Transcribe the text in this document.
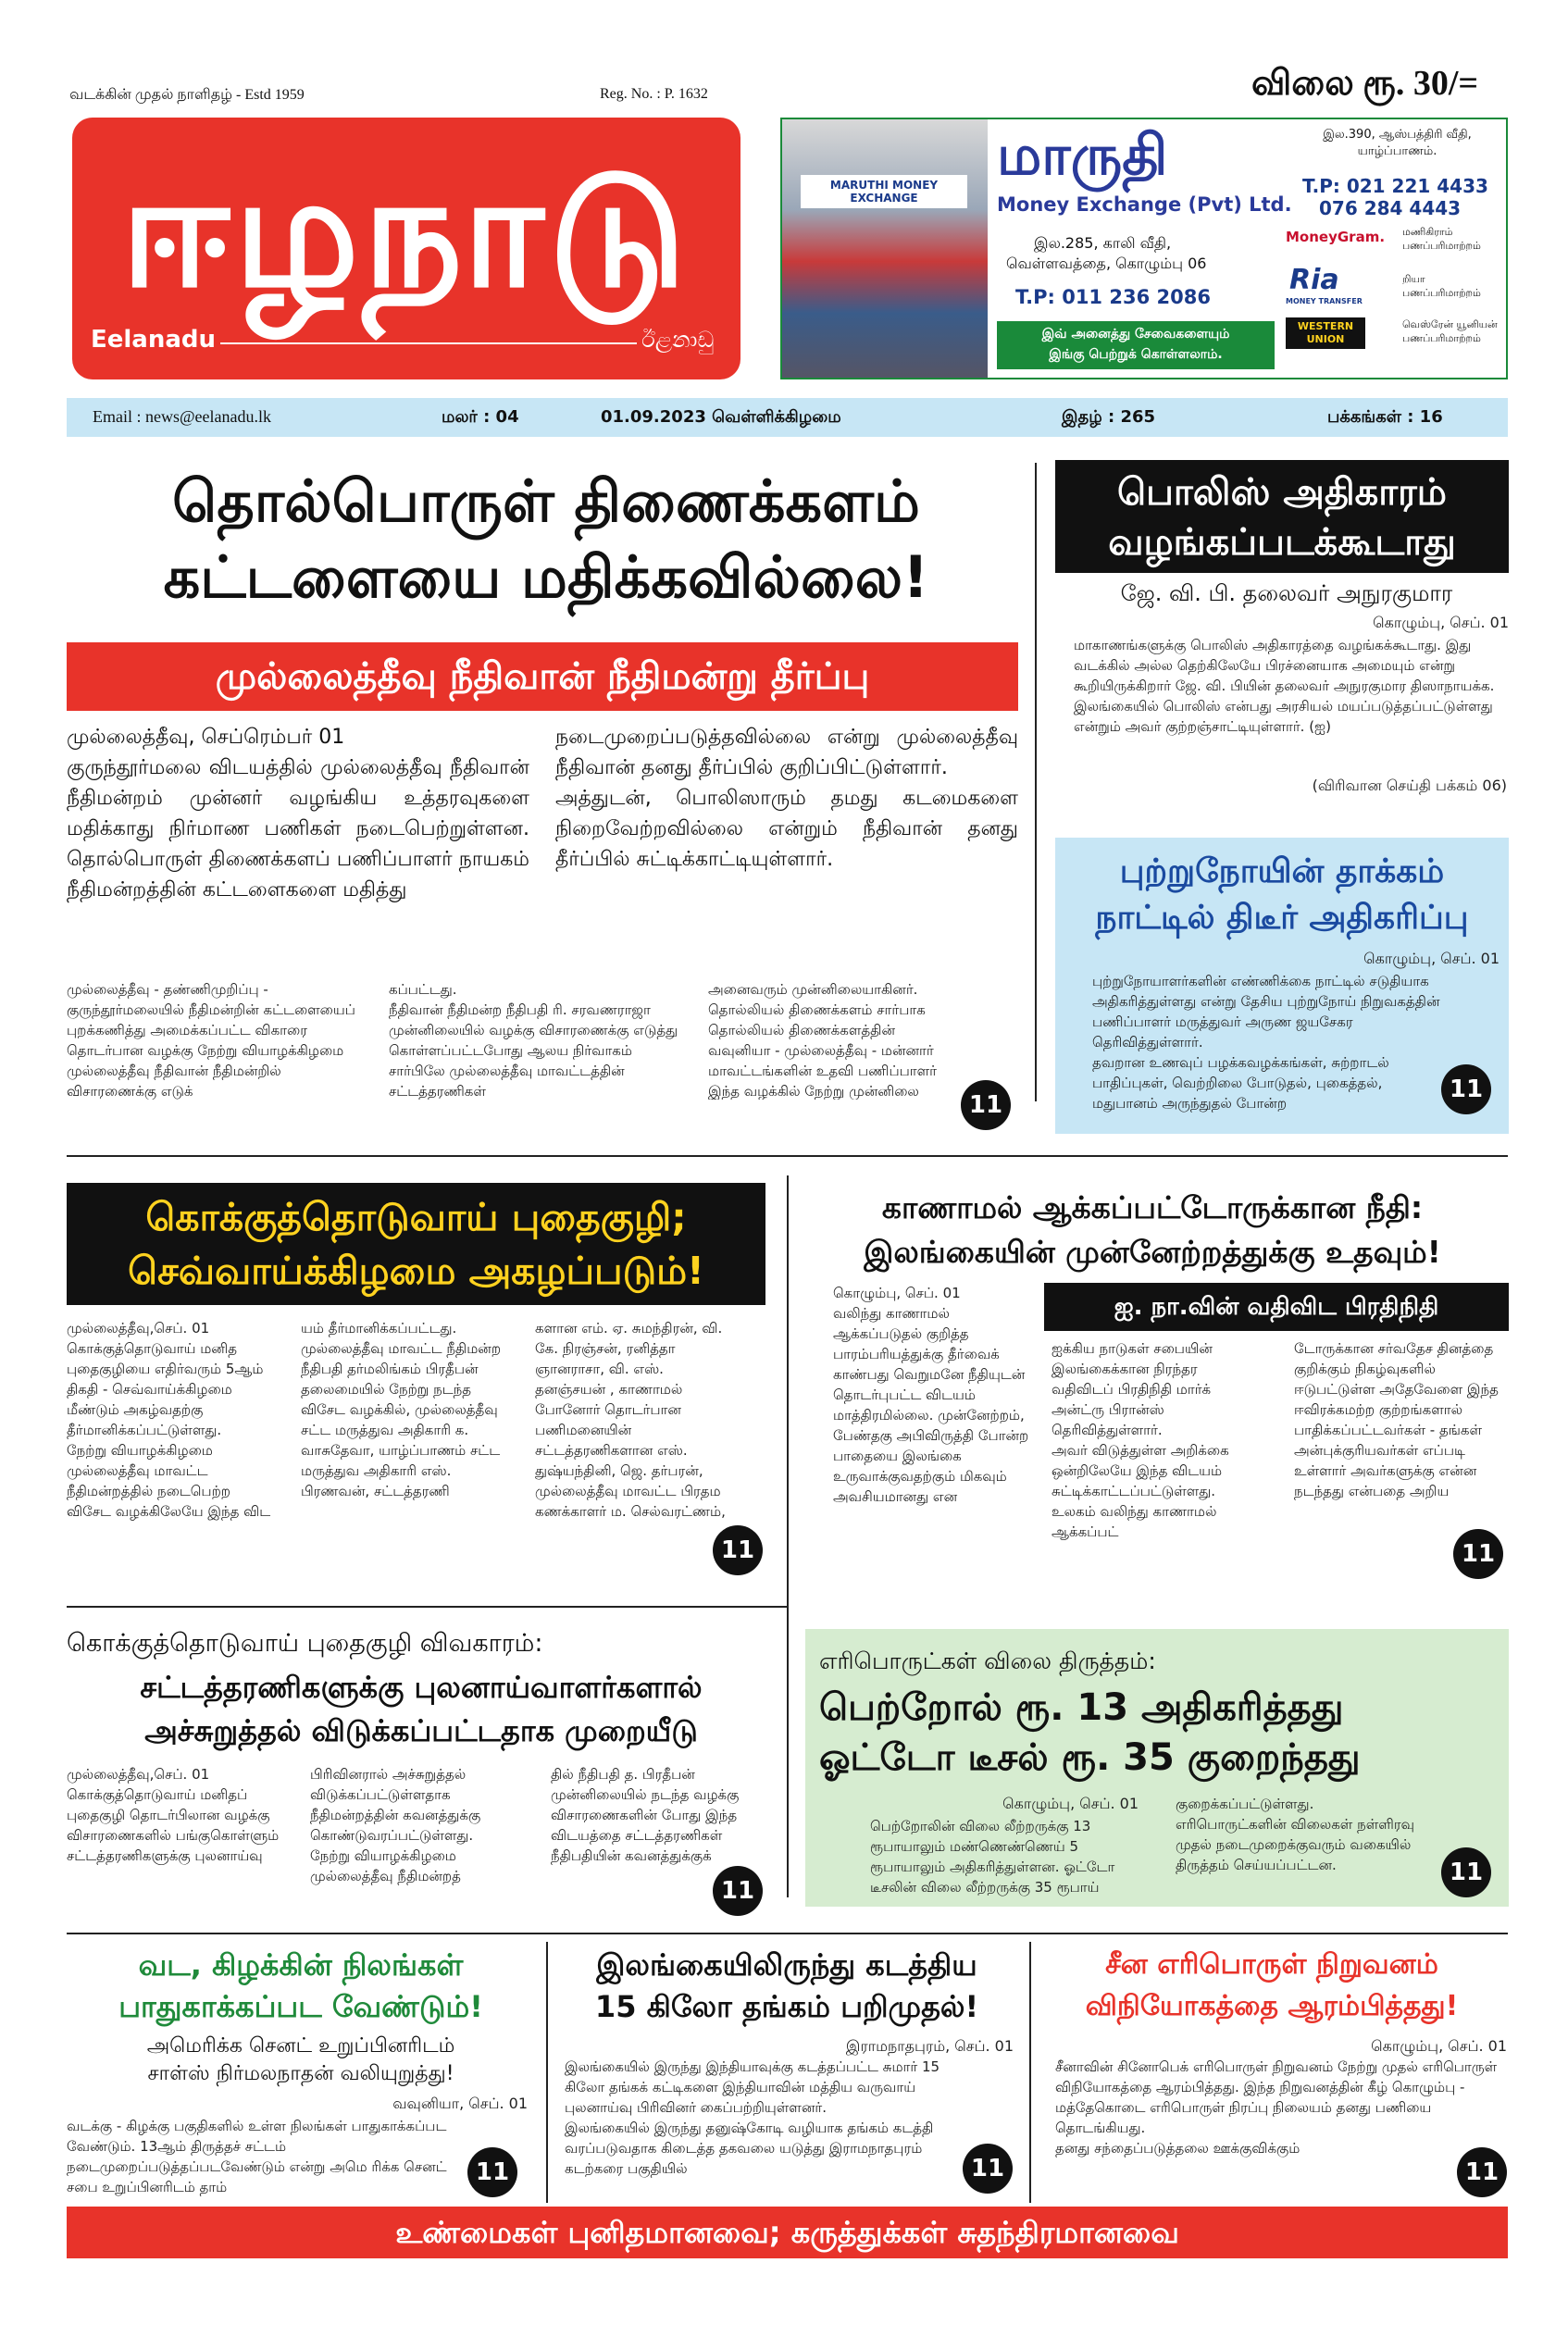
வடக்கின் முதல் நாளிதழ் - Estd 1959	Reg. No. : P. 1632	விலை ரூ. 30/=
ஈழநாடு
Eelanadu	ඊළනාඩු
MARUTHI MONEY EXCHANGE
மாருதி
Money Exchange (Pvt) Ltd.
இல.390, ஆஸ்பத்திரி வீதி, யாழ்ப்பாணம்.
T.P: 021 221 4433
076 284 4443
இல.285, காலி வீதி,
வெள்ளவத்தை, கொழும்பு 06
T.P: 011 236 2086
இவ் அனைத்து சேவைகளையும்
இங்கு பெற்றுக் கொள்ளலாம்.
MoneyGram. மணிகிராம் பணப்பரிமாற்றம்
Ria
MONEY TRANSFER
றியா பணப்பரிமாற்றம்
WESTERN UNION
வெஸ்ரேன் யூனியன் பணப்பரிமாற்றம்
Email : news@eelanadu.lk	மலர் : 04	01.09.2023 வெள்ளிக்கிழமை	இதழ் : 265	பக்கங்கள் : 16
தொல்பொருள் திணைக்களம்
கட்டளையை மதிக்கவில்லை!
முல்லைத்தீவு நீதிவான் நீதிமன்று தீர்ப்பு
முல்லைத்தீவு, செப்ரெம்பர் 01
குருந்தூர்மலை விடயத்தில் முல்லைத்தீவு நீதிவான் நீதிமன்றம் முன்னர் வழங்கிய உத்தரவுகளை மதிக்காது நிர்மாண பணிகள் நடைபெற்றுள்ளன. தொல்பொருள் திணைக்களப் பணிப்பாளர் நாயகம் நீதிமன்றத்தின் கட்டளைகளை மதித்து
நடைமுறைப்படுத்தவில்லை என்று முல்லைத்தீவு நீதிவான் தனது தீர்ப்பில் குறிப்பிட்டுள்ளார்.
அத்துடன், பொலிஸாரும் தமது கடமைகளை நிறைவேற்றவில்லை என்றும் நீதிவான் தனது தீர்ப்பில் சுட்டிக்காட்டியுள்ளார்.
முல்லைத்தீவு - தண்ணிமுறிப்பு - குருந்தூர்மலையில் நீதிமன்றின் கட்டளையைப் புறக்கணித்து அமைக்கப்பட்ட விகாரை தொடர்பான வழக்கு நேற்று வியாழக்கிழமை முல்லைத்தீவு நீதிவான் நீதிமன்றில் விசாரணைக்கு எடுக்
கப்பட்டது.
நீதிவான் நீதிமன்ற நீதிபதி ரி. சரவணராஜா முன்னிலையில் வழக்கு விசாரணைக்கு எடுத்து கொள்ளப்பட்டபோது ஆலய நிர்வாகம் சார்பிலே முல்லைத்தீவு மாவட்டத்தின் சட்டத்தரணிகள்
அனைவரும் முன்னிலையாகினர்.
தொல்லியல் திணைக்களம் சார்பாக தொல்லியல் திணைக்களத்தின் வவுனியா - முல்லைத்தீவு - மன்னார் மாவட்டங்களின் உதவி பணிப்பாளர் இந்த வழக்கில் நேற்று முன்னிலை	11
பொலிஸ் அதிகாரம்
வழங்கப்படக்கூடாது
ஜே. வி. பி. தலைவர் அநுரகுமார
கொழும்பு, செப். 01
மாகாணங்களுக்கு பொலிஸ் அதிகாரத்தை வழங்கக்கூடாது. இது வடக்கில் அல்ல தெற்கிலேயே பிரச்னையாக அமையும் என்று கூறியிருக்கிறார் ஜே. வி. பியின் தலைவர் அநுரகுமார திஸாநாயக்க.
இலங்கையில் பொலிஸ் என்பது அரசியல் மயப்படுத்தப்பட்டுள்ளது என்றும் அவர் குற்றஞ்சாட்டியுள்ளார். (ஐ)
(விரிவான செய்தி பக்கம் 06)
புற்றுநோயின் தாக்கம்
நாட்டில் திடீர் அதிகரிப்பு
கொழும்பு, செப். 01
புற்றுநோயாளர்களின் எண்ணிக்கை நாட்டில் சடுதியாக அதிகரித்துள்ளது என்று தேசிய புற்றுநோய் நிறுவகத்தின் பணிப்பாளர் மருத்துவர் அருண ஜயசேகர தெரிவித்துள்ளார்.
தவறான உணவுப் பழக்கவழக்கங்கள், சுற்றாடல் பாதிப்புகள், வெற்றிலை போடுதல், புகைத்தல், மதுபானம் அருந்துதல் போன்ற	11
கொக்குத்தொடுவாய் புதைகுழி;
செவ்வாய்க்கிழமை அகழப்படும்!
முல்லைத்தீவு,செப். 01
கொக்குத்தொடுவாய் மனித புதைகுழியை எதிர்வரும் 5ஆம் திகதி - செவ்வாய்க்கிழமை மீண்டும் அகழ்வதற்கு தீர்மானிக்கப்பட்டுள்ளது.
நேற்று வியாழக்கிழமை முல்லைத்தீவு மாவட்ட நீதிமன்றத்தில் நடைபெற்ற விசேட வழக்கிலேயே இந்த விட
யம் தீர்மானிக்கப்பட்டது.
முல்லைத்தீவு மாவட்ட நீதிமன்ற நீதிபதி தர்மலிங்கம் பிரதீபன் தலைமையில் நேற்று நடந்த விசேட வழக்கில், முல்லைத்தீவு சட்ட மருத்துவ அதிகாரி க. வாசுதேவா, யாழ்ப்பாணம் சட்ட மருத்துவ அதிகாரி எஸ். பிரணவன், சட்டத்தரணி
களான எம். ஏ. சுமந்திரன், வி. கே. நிரஞ்சன், ரனித்தா ஞானராசா, வி. எஸ். தனஞ்சயன் , காணாமல் போனோர் தொடர்பான பணிமனையின் சட்டத்தரணிகளான எஸ். துஷ்யந்தினி, ஜெ. தர்பரன், முல்லைத்தீவு மாவட்ட பிரதம கணக்காளர் ம. செல்வரட்ணம்,
11
காணாமல் ஆக்கப்பட்டோருக்கான நீதி:
இலங்கையின் முன்னேற்றத்துக்கு உதவும்!
கொழும்பு, செப். 01
வலிந்து காணாமல் ஆக்கப்படுதல் குறித்த பாரம்பரியத்துக்கு தீர்வைக் காண்பது வெறுமனே நீதியுடன் தொடர்புபட்ட விடயம் மாத்திரமில்லை. முன்னேற்றம், பேண்தகு அபிவிருத்தி போன்ற பாதையை இலங்கை உருவாக்குவதற்கும் மிகவும் அவசியமானது என
ஐ. நா.வின் வதிவிட பிரதிநிதி
ஐக்கிய நாடுகள் சபையின் இலங்கைக்கான நிரந்தர வதிவிடப் பிரதிநிதி மார்க் அன்ட்ரு பிரான்ஸ் தெரிவித்துள்ளார்.
அவர் விடுத்துள்ள அறிக்கை ஒன்றிலேயே இந்த விடயம் சுட்டிக்காட்டப்பட்டுள்ளது.
உலகம் வலிந்து காணாமல் ஆக்கப்பட்
டோருக்கான சர்வதேச தினத்தை குறிக்கும் நிகழ்வுகளில் ஈடுபட்டுள்ள அதேவேளை இந்த ஈவிரக்கமற்ற குற்றங்களால் பாதிக்கப்பட்டவர்கள் - தங்கள் அன்புக்குரியவர்கள் எப்படி உள்ளார் அவர்களுக்கு என்ன நடந்தது என்பதை அறிய
11
கொக்குத்தொடுவாய் புதைகுழி விவகாரம்:
சட்டத்தரணிகளுக்கு புலனாய்வாளர்களால்
அச்சுறுத்தல் விடுக்கப்பட்டதாக முறையீடு
முல்லைத்தீவு,செப். 01
கொக்குத்தொடுவாய் மனிதப் புதைகுழி தொடர்பிலான வழக்கு விசாரணைகளில் பங்குகொள்ளும் சட்டத்தரணிகளுக்கு புலனாய்வு
பிரிவினரால் அச்சுறுத்தல் விடுக்கப்பட்டுள்ளதாக நீதிமன்றத்தின் கவனத்துக்கு கொண்டுவரப்பட்டுள்ளது.
நேற்று வியாழக்கிழமை முல்லைத்தீவு நீதிமன்றத்
தில் நீதிபதி த. பிரதீபன் முன்னிலையில் நடந்த வழக்கு விசாரணைகளின் போது இந்த விடயத்தை சட்டத்தரணிகள் நீதிபதியின் கவனத்துக்குக்
11
எரிபொருட்கள் விலை திருத்தம்:
பெற்றோல் ரூ. 13 அதிகரித்தது
ஓட்டோ டீசல் ரூ. 35 குறைந்தது
கொழும்பு, செப். 01
பெற்றோலின் விலை லீற்றருக்கு 13 ரூபாயாலும் மண்ணெண்ணெய் 5 ரூபாயாலும் அதிகரித்துள்ளன. ஓட்டோ டீசலின் விலை லீற்றருக்கு 35 ரூபாய்
குறைக்கப்பட்டுள்ளது.
எரிபொருட்களின் விலைகள் நள்ளிரவு முதல் நடைமுறைக்குவரும் வகையில் திருத்தம் செய்யப்பட்டன.	11
வட, கிழக்கின் நிலங்கள்
பாதுகாக்கப்பட வேண்டும்!
அமெரிக்க செனட் உறுப்பினரிடம்
சாள்ஸ் நிர்மலநாதன் வலியுறுத்து!
வவுனியா, செப். 01
வடக்கு - கிழக்கு பகுதிகளில் உள்ள நிலங்கள் பாதுகாக்கப்பட வேண்டும். 13ஆம் திருத்தச் சட்டம் நடைமுறைப்படுத்தப்படவேண்டும் என்று அமெ ரிக்க செனட் சபை உறுப்பினரிடம் தாம்
11
இலங்கையிலிருந்து கடத்திய
15 கிலோ தங்கம் பறிமுதல்!
இராமநாதபுரம், செப். 01
இலங்கையில் இருந்து இந்தியாவுக்கு கடத்தப்பட்ட சுமார் 15 கிலோ தங்கக் கட்டிகளை இந்தியாவின் மத்திய வருவாய் புலனாய்வு பிரிவினர் கைப்பற்றியுள்ளனர்.
இலங்கையில் இருந்து தனுஷ்கோடி வழியாக தங்கம் கடத்தி வரப்படுவதாக கிடைத்த தகவலை யடுத்து இராமநாதபுரம் கடற்கரை பகுதியில்	11
சீன எரிபொருள் நிறுவனம்
விநியோகத்தை ஆரம்பித்தது!
கொழும்பு, செப். 01
சீனாவின் சினோபெக் எரிபொருள் நிறுவனம் நேற்று முதல் எரிபொருள் விநியோகத்தை ஆரம்பித்தது. இந்த நிறுவனத்தின் கீழ் கொழும்பு - மத்தேகொடை எரிபொருள் நிரப்பு நிலையம் தனது பணியை தொடங்கியது.
தனது சந்தைப்படுத்தலை ஊக்குவிக்கும்
11
உண்மைகள் புனிதமானவை; கருத்துக்கள் சுதந்திரமானவை
